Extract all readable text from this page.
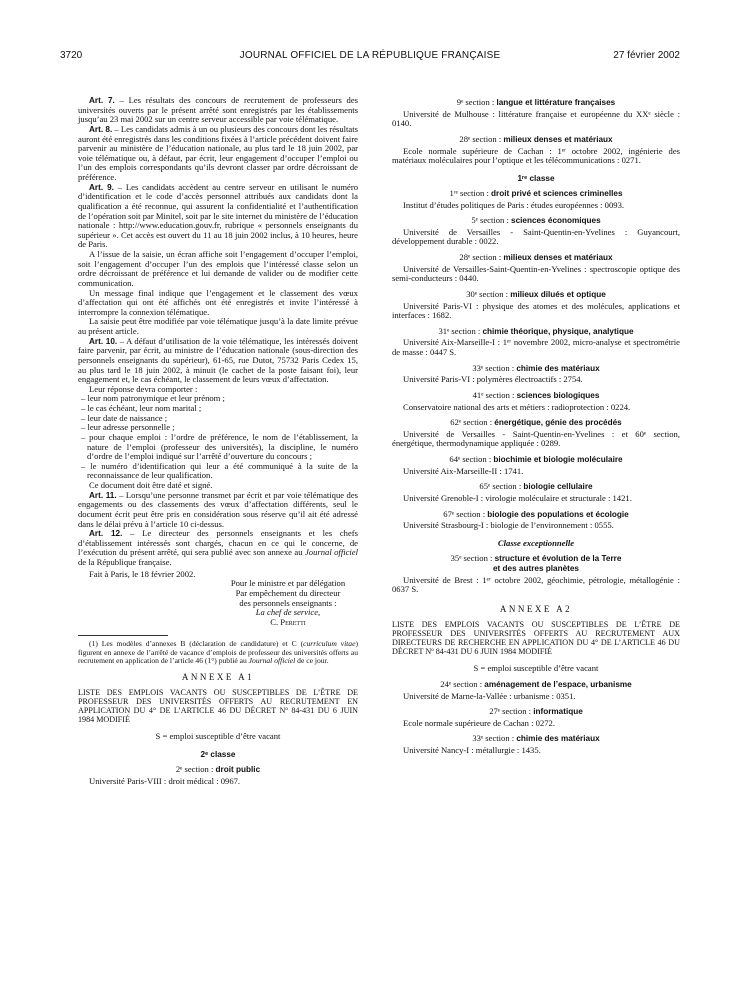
3720	JOURNAL OFFICIEL DE LA RÉPUBLIQUE FRANÇAISE	27 février 2002

Art. 7. – Les résultats des concours de recrutement de professeurs des universités ouverts par le présent arrêté sont enregistrés par les établissements jusqu’au 23 mai 2002 sur un centre serveur accessible par voie télématique.

Art. 8. – Les candidats admis à un ou plusieurs des concours dont les résultats auront été enregistrés dans les conditions fixées à l’article précédent doivent faire parvenir au ministère de l’éducation nationale, au plus tard le 18 juin 2002, par voie télématique ou, à défaut, par écrit, leur engagement d’occuper l’emploi ou l’un des emplois correspondants qu’ils devront classer par ordre décroissant de préférence.

Art. 9. – Les candidats accèdent au centre serveur en utilisant le numéro d’identification et le code d’accès personnel attribués aux candidats dont la qualification a été reconnue, qui assurent la confidentialité et l’authentification de l’opération soit par Minitel, soit par le site internet du ministère de l’éducation nationale : http://www.education.gouv.fr, rubrique « personnels enseignants du supérieur ». Cet accès est ouvert du 11 au 18 juin 2002 inclus, à 10 heures, heure de Paris.

A l’issue de la saisie, un écran affiche soit l’engagement d’occuper l’emploi, soit l’engagement d’occuper l’un des emplois que l’intéressé classe selon un ordre décroissant de préférence et lui demande de valider ou de modifier cette communication.

Un message final indique que l’engagement et le classement des vœux d’affectation qui ont été affichés ont été enregistrés et invite l’intéressé à interrompre la connexion télématique.

La saisie peut être modifiée par voie télématique jusqu’à la date limite prévue au présent article.

Art. 10. – A défaut d’utilisation de la voie télématique, les intéressés doivent faire parvenir, par écrit, au ministre de l’éducation nationale (sous-direction des personnels enseignants du supérieur), 61-65, rue Dutot, 75732 Paris Cedex 15, au plus tard le 18 juin 2002, à minuit (le cachet de la poste faisant foi), leur engagement et, le cas échéant, le classement de leurs vœux d’affectation.

Leur réponse devra comporter :

– leur nom patronymique et leur prénom ;
– le cas échéant, leur nom marital ;
– leur date de naissance ;
– leur adresse personnelle ;
– pour chaque emploi : l’ordre de préférence, le nom de l’établissement, la nature de l’emploi (professeur des universités), la discipline, le numéro d’ordre de l’emploi indiqué sur l’arrêté d’ouverture du concours ;
– le numéro d’identification qui leur a été communiqué à la suite de la reconnaissance de leur qualification.

Ce document doit être daté et signé.

Art. 11. – Lorsqu’une personne transmet par écrit et par voie télématique des engagements ou des classements des vœux d’affectation différents, seul le document écrit peut être pris en considération sous réserve qu’il ait été adressé dans le délai prévu à l’article 10 ci-dessus.

Art. 12. – Le directeur des personnels enseignants et les chefs d’établissement intéressés sont chargés, chacun en ce qui le concerne, de l’exécution du présent arrêté, qui sera publié avec son annexe au Journal officiel de la République française.

Fait à Paris, le 18 février 2002.

Pour le ministre et par délégation
Par empêchement du directeur
des personnels enseignants :
La chef de service,
C. Peretti

(1) Les modèles d’annexes B (déclaration de candidature) et C (curriculum vitae) figurent en annexe de l’arrêté de vacance d’emplois de professeur des universités offerts au recrutement en application de l’article 46 (1°) publié au Journal officiel de ce jour.

ANNEXE A1

LISTE DES EMPLOIS VACANTS OU SUSCEPTIBLES DE L’ÊTRE DE PROFESSEUR DES UNIVERSITÉS OFFERTS AU RECRUTEMENT EN APPLICATION DU 4° DE L’ARTICLE 46 DU DÉCRET Nº 84-431 DU 6 JUIN 1984 MODIFIÉ

S = emploi susceptible d’être vacant
2ᵉ classe
2ᵉ section : droit public

Université Paris-VIII : droit médical : 0967.

9ᵉ section : langue et littérature françaises

Université de Mulhouse : littérature française et européenne du XXᵉ siècle : 0140.

28ᵉ section : milieux denses et matériaux

Ecole normale supérieure de Cachan : 1ᵉʳ octobre 2002, ingénierie des matériaux moléculaires pour l’optique et les télécommunications : 0271.

1ʳᵉ classe
1ʳᵉ section : droit privé et sciences criminelles

Institut d’études politiques de Paris : études européennes : 0093.

5ᵉ section : sciences économiques

Université de Versailles - Saint-Quentin-en-Yvelines : Guyancourt, développement durable : 0022.

28ᵉ section : milieux denses et matériaux

Université de Versailles-Saint-Quentin-en-Yvelines : spectroscopie optique des semi-conducteurs : 0440.

30ᵉ section : milieux dilués et optique

Université Paris-VI : physique des atomes et des molécules, applications et interfaces : 1682.

31ᵉ section : chimie théorique, physique, analytique

Université Aix-Marseille-I : 1ᵉʳ novembre 2002, micro-analyse et spectrométrie de masse : 0447 S.

33ᵉ section : chimie des matériaux

Université Paris-VI : polymères électroactifs : 2754.

41ᵉ section : sciences biologiques

Conservatoire national des arts et métiers : radioprotection : 0224.

62ᵉ section : énergétique, génie des procédés

Université de Versailles - Saint-Quentin-en-Yvelines : et 60ᵉ section, énergétique, thermodynamique appliquée : 0289.

64ᵉ section : biochimie et biologie moléculaire

Université Aix-Marseille-II : 1741.

65ᵉ section : biologie cellulaire

Université Grenoble-I : virologie moléculaire et structurale : 1421.

67ᵉ section : biologie des populations et écologie

Université Strasbourg-I : biologie de l’environnement : 0555.

Classe exceptionnelle
35ᵉ section : structure et évolution de la Terre
et des autres planètes

Université de Brest : 1ᵉʳ octobre 2002, géochimie, pétrologie, métallogénie : 0637 S.

ANNEXE A2

LISTE DES EMPLOIS VACANTS OU SUSCEPTIBLES DE L’ÊTRE DE PROFESSEUR DES UNIVERSITÉS OFFERTS AU RECRUTEMENT AUX DIRECTEURS DE RECHERCHE EN APPLICATION DU 4° DE L’ARTICLE 46 DU DÉCRET Nº 84-431 DU 6 JUIN 1984 MODIFIÉ

S = emploi susceptible d’être vacant
24ᵉ section : aménagement de l’espace, urbanisme

Université de Marne-la-Vallée : urbanisme : 0351.

27ᵉ section : informatique

Ecole normale supérieure de Cachan : 0272.

33ᵉ section : chimie des matériaux

Université Nancy-I : métallurgie : 1435.
